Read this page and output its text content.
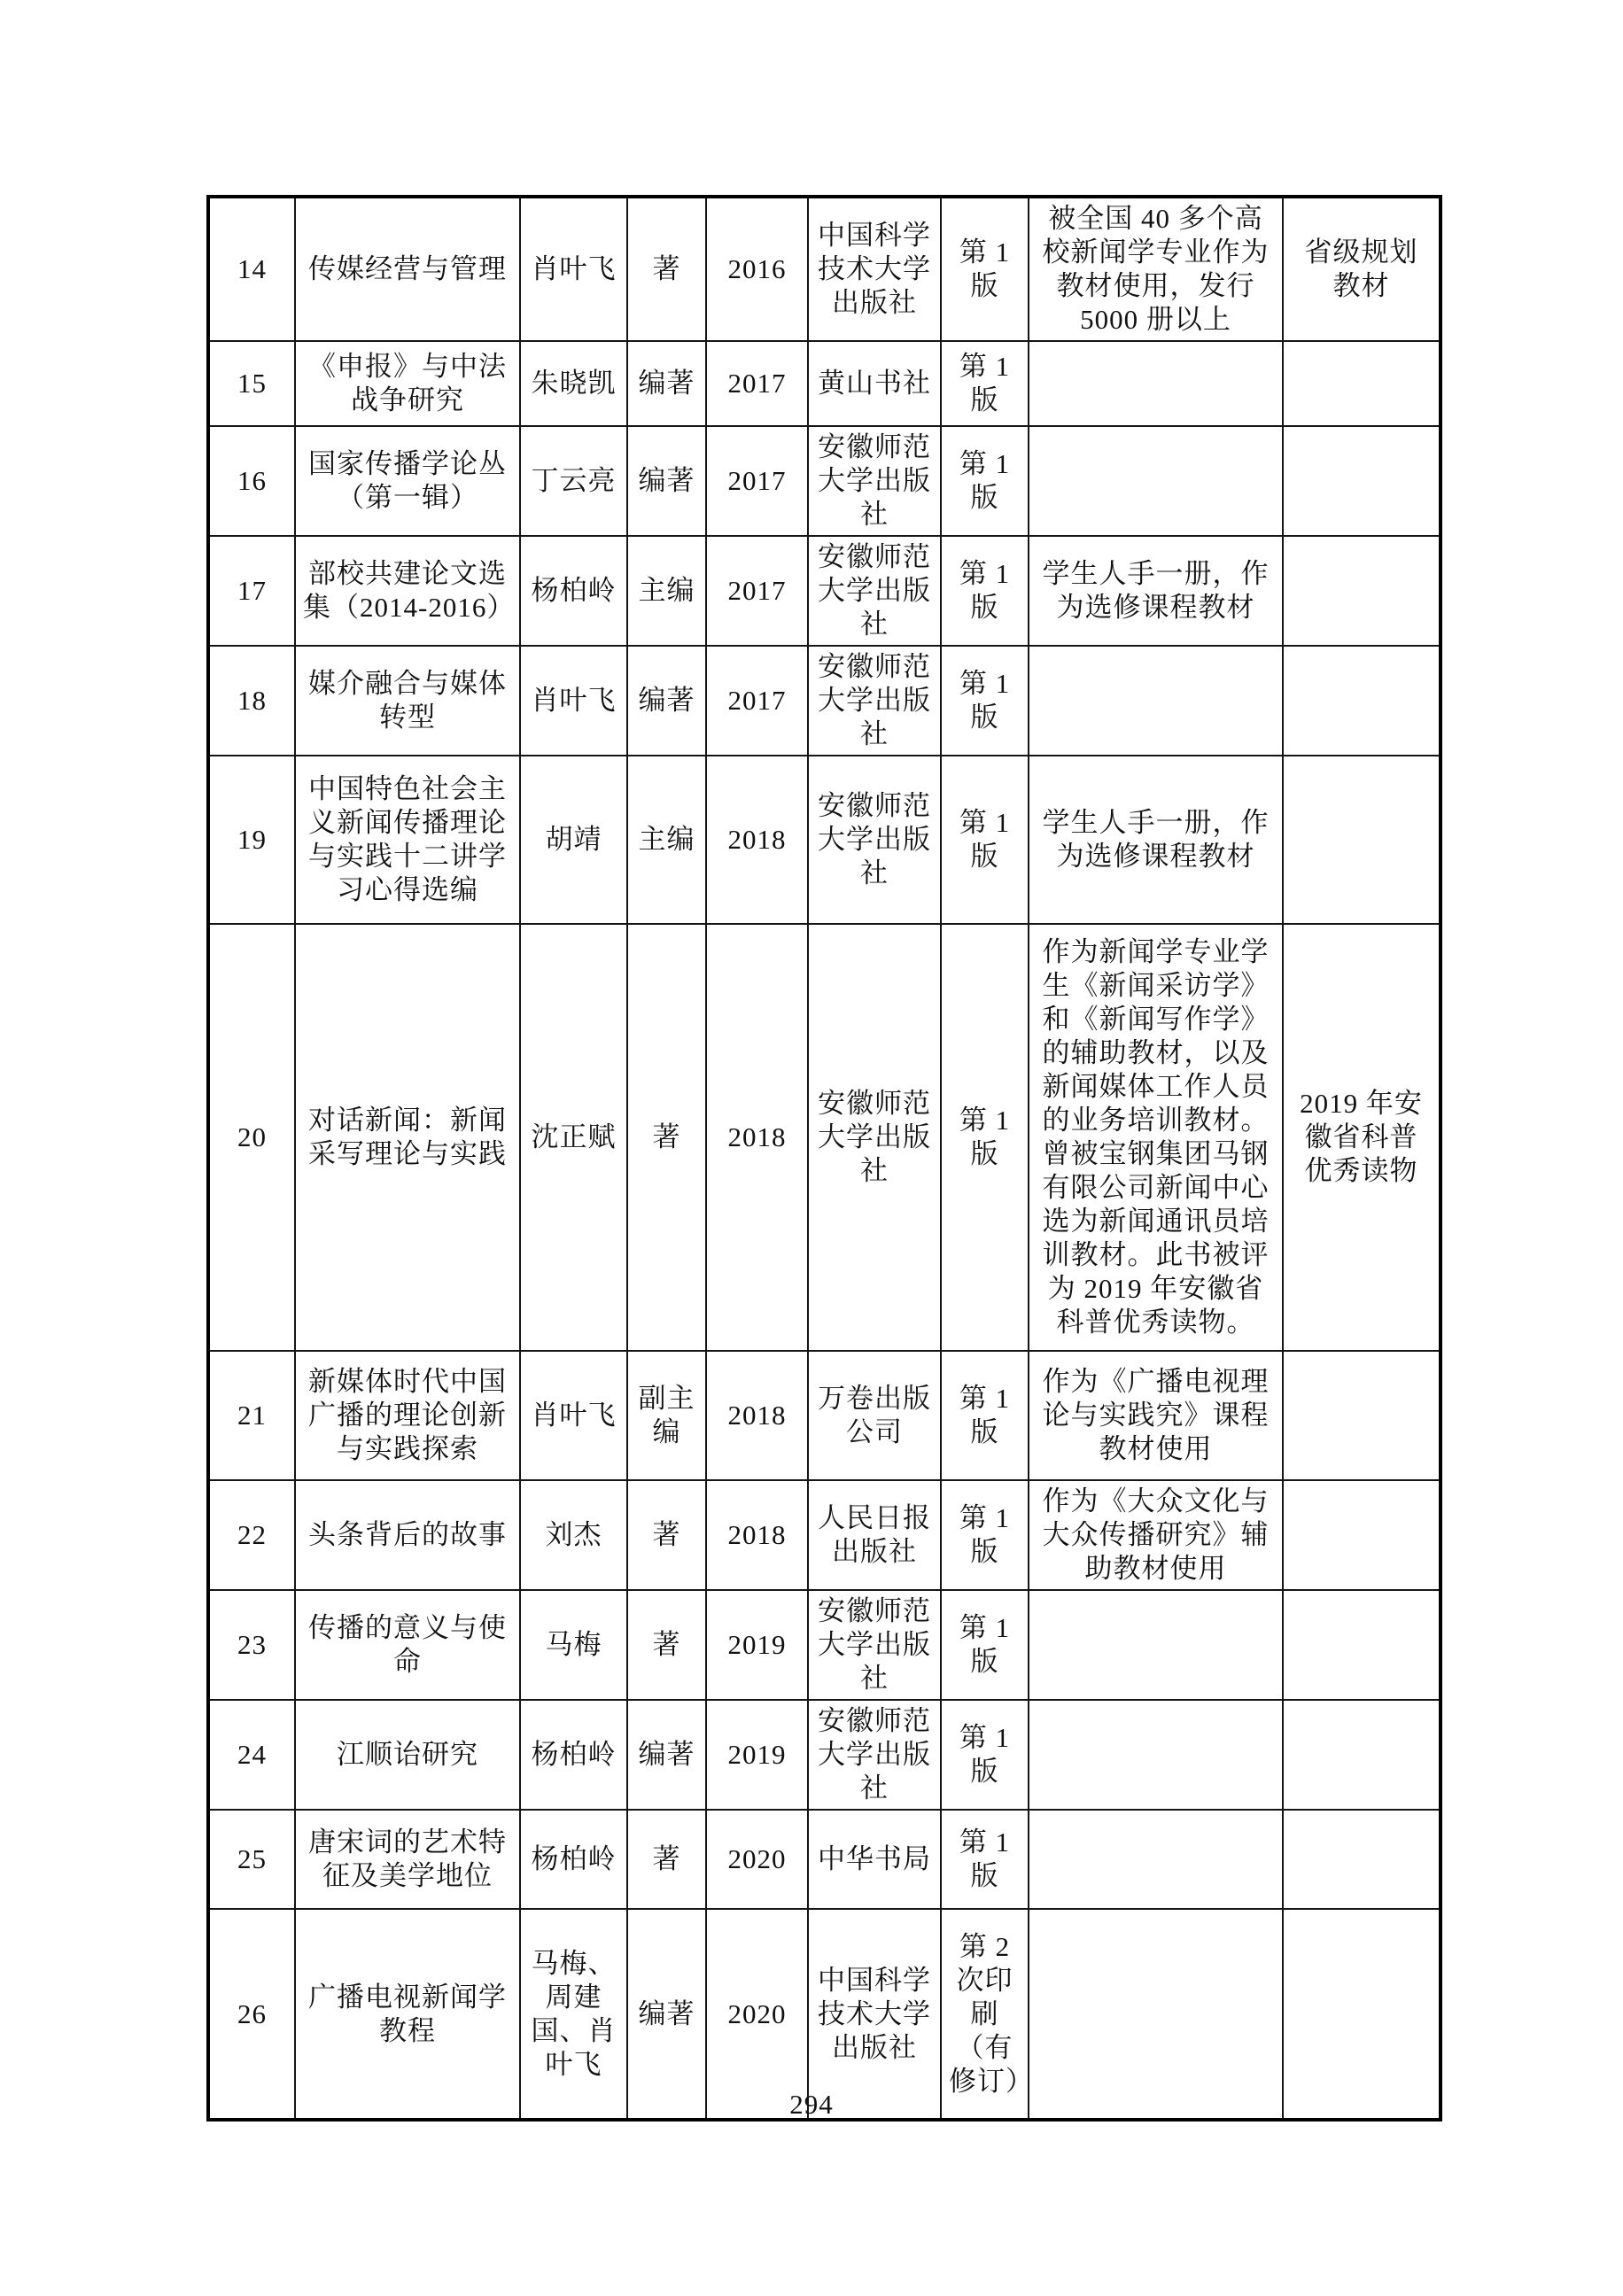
14	传媒经营与管理	肖叶飞	著	2016	中国科学技术大学出版社	第 1 版	被全国 40 多个高校新闻学专业作为教材使用，发行 5000 册以上	省级规划教材
15	《申报》与中法战争研究	朱晓凯	编著	2017	黄山书社	第 1 版		
16	国家传播学论丛（第一辑）	丁云亮	编著	2017	安徽师范大学出版社	第 1 版		
17	部校共建论文选集（2014-2016）	杨柏岭	主编	2017	安徽师范大学出版社	第 1 版	学生人手一册，作为选修课程教材	
18	媒介融合与媒体转型	肖叶飞	编著	2017	安徽师范大学出版社	第 1 版		
19	中国特色社会主义新闻传播理论与实践十二讲学习心得选编	胡靖	主编	2018	安徽师范大学出版社	第 1 版	学生人手一册，作为选修课程教材	
20	对话新闻：新闻采写理论与实践	沈正赋	著	2018	安徽师范大学出版社	第 1 版	作为新闻学专业学生《新闻采访学》和《新闻写作学》的辅助教材，以及新闻媒体工作人员的业务培训教材。曾被宝钢集团马钢有限公司新闻中心选为新闻通讯员培训教材。此书被评为 2019 年安徽省科普优秀读物。	2019 年安徽省科普优秀读物
21	新媒体时代中国广播的理论创新与实践探索	肖叶飞	副主编	2018	万卷出版公司	第 1 版	作为《广播电视理论与实践究》课程教材使用	
22	头条背后的故事	刘杰	著	2018	人民日报出版社	第 1 版	作为《大众文化与大众传播研究》辅助教材使用	
23	传播的意义与使命	马梅	著	2019	安徽师范大学出版社	第 1 版		
24	江顺诒研究	杨柏岭	编著	2019	安徽师范大学出版社	第 1 版		
25	唐宋词的艺术特征及美学地位	杨柏岭	著	2020	中华书局	第 1 版		
26	广播电视新闻学教程	马梅、周建国、肖叶飞	编著	2020	中国科学技术大学出版社	第 2 次印刷（有修订）		
294
